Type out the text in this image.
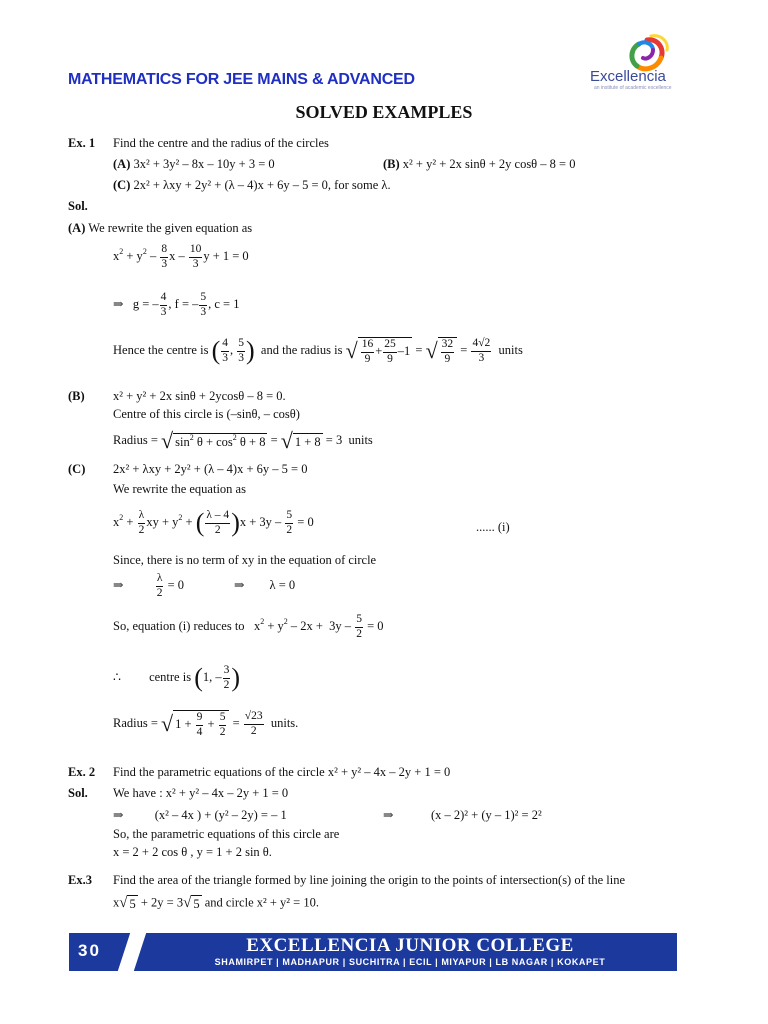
MATHEMATICS FOR JEE MAINS & ADVANCED	Excellencia
an institute of academic excellence
SOLVED EXAMPLES
Ex. 1 Find the centre and the radius of the circles
(A) 3x² + 3y² – 8x – 10y + 3 = 0	(B) x² + y² + 2x sinθ + 2y cosθ – 8 = 0
(C) 2x² + λxy + 2y² + (λ – 4)x + 6y – 5 = 0, for some λ.
Sol.
(A) We rewrite the given equation as
$x^2 + y^2 - \frac{8}{3}$ x – $\frac{10}{3}$ y + 1 = 0
⇒   g = – $\frac{4}{3}$ , f = – $\frac{5}{3}$ , c = 1
Hence the centre is ( $\frac{4}{3}$ , $\frac{5}{3}$ ) and the radius is √ $\frac{16}{9} + \frac{25}{9} -1$ = √ $\frac{32}{9} = \frac{4√2}{3}$ units
(B) x² + y² + 2x sinθ + 2ycosθ – 8 = 0.
Centre of this circle is (–sinθ, – cosθ)
Radius = √ $\sin^2 \theta + \cos^2 \theta + 8$ = √ 1 + 8 = 3  units
(C) 2x² + λxy + 2y² + (λ – 4)x + 6y – 5 = 0
We rewrite the equation as
$x^2 + \frac{\lambda}{2}$ xy + $y^2$ + ( $\frac{\lambda - 4}{2} )x + 3y - \frac{5}{2} = 0$	...... (i)
Since, there is no term of xy in the equation of circle
⇒ $\frac{\lambda}{2} = 0$                ⇒        λ = 0
So, equation (i) reduces to   $x^2 + y^2 - 2x + 3y - \frac{5}{2} = 0$
∴         centre is (1, – $\frac{3}{2}$ )
Radius = √ $1 + \frac{9}{4} + \frac{5}{2} = \frac{√23}{2}$ units.
Ex. 2 Find the parametric equations of the circle x² + y² – 4x – 2y + 1 = 0
Sol. We have : x² + y² – 4x – 2y + 1 = 0
⇒          (x² – 4x ) + (y² – 2y) = – 1	⇒            (x – 2)² + (y – 1)² = 2²
So, the parametric equations of this circle are
x = 2 + 2 cos θ , y = 1 + 2 sin θ.
Ex.3 Find the area of the triangle formed by line joining the origin to the points of intersection(s) of the line
x√ 5 + 2y = 3√ 5 and circle x² + y² = 10.
30	EXCELLENCIA JUNIOR COLLEGE
SHAMIRPET | MADHAPUR | SUCHITRA | ECIL | MIYAPUR | LB NAGAR | KOKAPET
